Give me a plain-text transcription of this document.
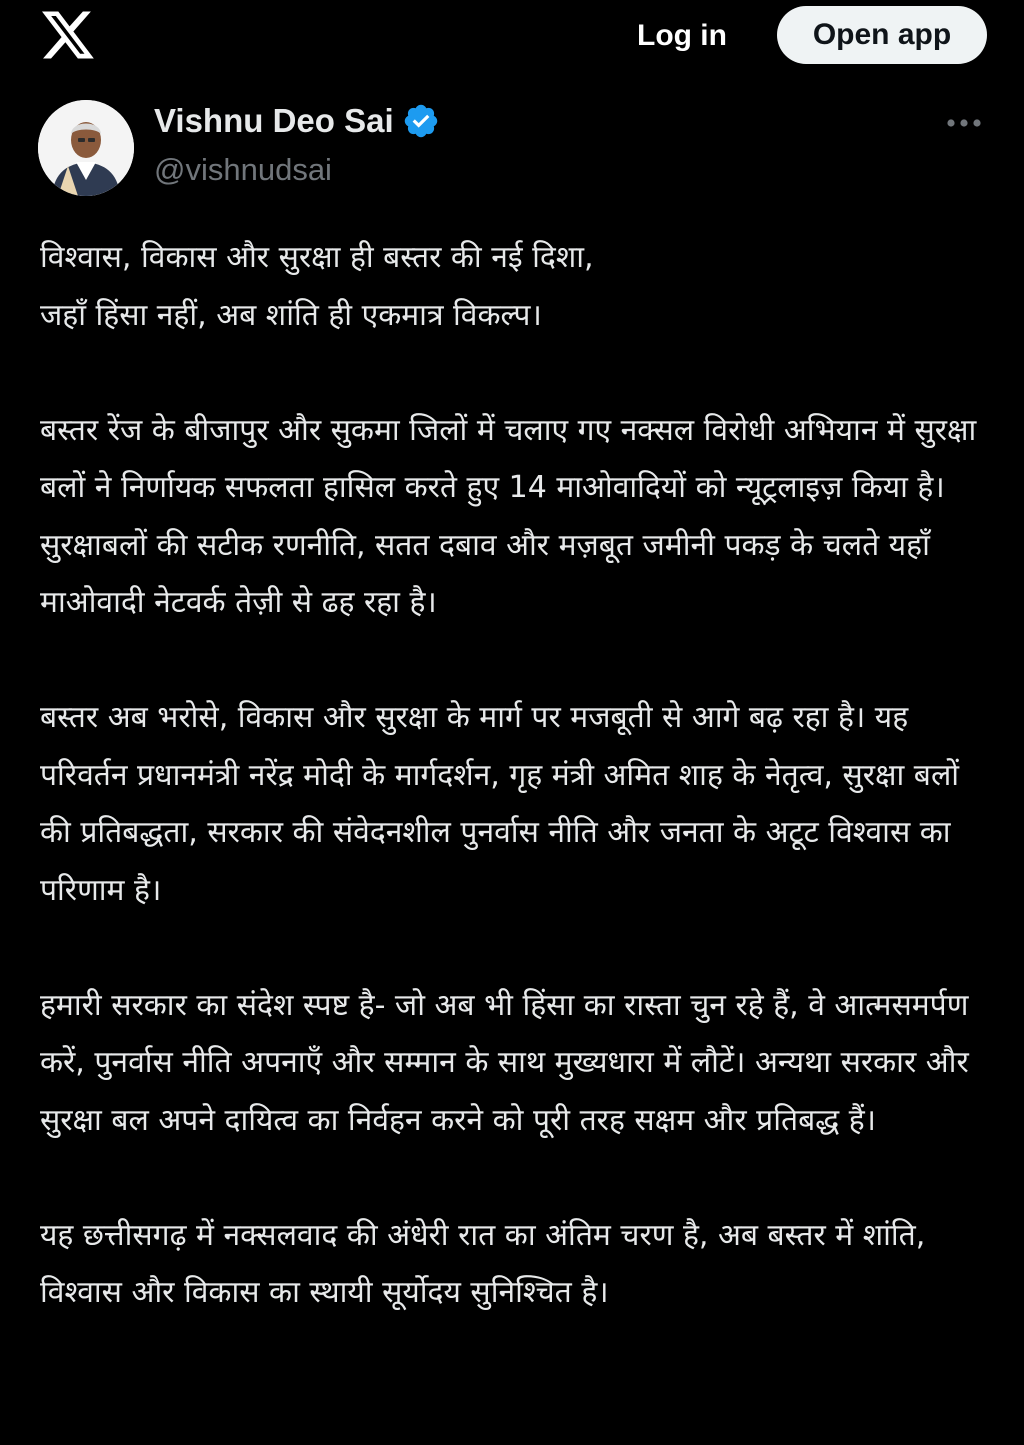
Log in	Open app
Vishnu Deo Sai
@vishnudsai

विश्वास, विकास और सुरक्षा ही बस्तर की नई दिशा,
जहाँ हिंसा नहीं, अब शांति ही एकमात्र विकल्प।

बस्तर रेंज के बीजापुर और सुकमा जिलों में चलाए गए नक्सल विरोधी अभियान में सुरक्षा बलों ने निर्णायक सफलता हासिल करते हुए 14 माओवादियों को न्यूट्रलाइज़ किया है। सुरक्षाबलों की सटीक रणनीति, सतत दबाव और मज़बूत जमीनी पकड़ के चलते यहाँ माओवादी नेटवर्क तेज़ी से ढह रहा है।

बस्तर अब भरोसे, विकास और सुरक्षा के मार्ग पर मजबूती से आगे बढ़ रहा है। यह परिवर्तन प्रधानमंत्री नरेंद्र मोदी के मार्गदर्शन, गृह मंत्री अमित शाह के नेतृत्व, सुरक्षा बलों की प्रतिबद्धता, सरकार की संवेदनशील पुनर्वास नीति और जनता के अटूट विश्वास का परिणाम है।

हमारी सरकार का संदेश स्पष्ट है- जो अब भी हिंसा का रास्ता चुन रहे हैं, वे आत्मसमर्पण करें, पुनर्वास नीति अपनाएँ और सम्मान के साथ मुख्यधारा में लौटें। अन्यथा सरकार और सुरक्षा बल अपने दायित्व का निर्वहन करने को पूरी तरह सक्षम और प्रतिबद्ध हैं।

यह छत्तीसगढ़ में नक्सलवाद की अंधेरी रात का अंतिम चरण है, अब बस्तर में शांति, विश्वास और विकास का स्थायी सूर्योदय सुनिश्चित है।
